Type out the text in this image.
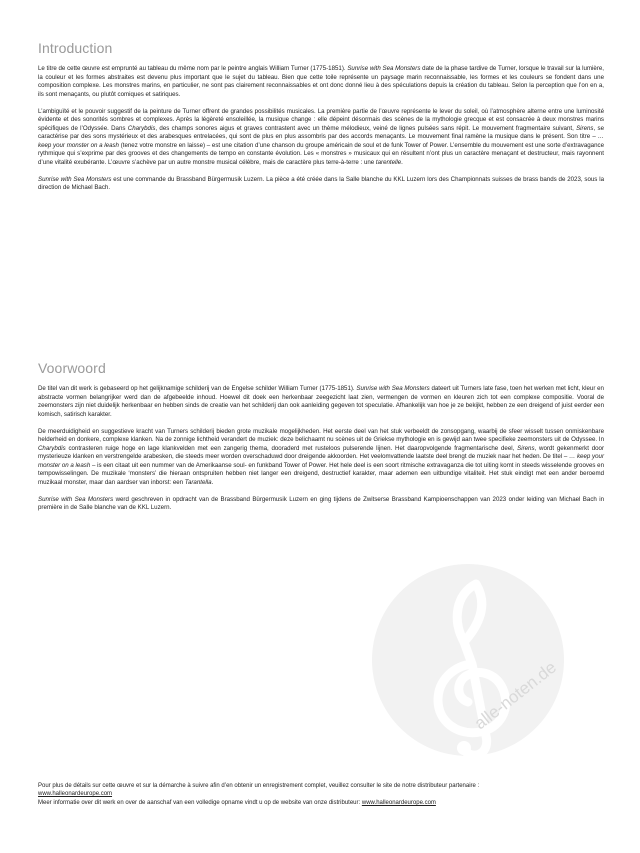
Introduction

Le titre de cette œuvre est emprunté au tableau du même nom par le peintre anglais William Turner (1775-1851). Sunrise with Sea Monsters date de la phase tardive de Turner, lorsque le travail sur la lumière, la couleur et les formes abstraites est devenu plus important que le sujet du tableau. Bien que cette toile représente un paysage marin reconnaissable, les formes et les couleurs se fondent dans une composition complexe. Les monstres marins, en particulier, ne sont pas clairement reconnaissables et ont donc donné lieu à des spéculations depuis la création du tableau. Selon la perception que l’on en a, ils sont menaçants, ou plutôt comiques et satiriques.

L’ambiguïté et le pouvoir suggestif de la peinture de Turner offrent de grandes possibilités musicales. La première partie de l’œuvre représente le lever du soleil, où l’atmosphère alterne entre une luminosité évidente et des sonorités sombres et complexes. Après la légèreté ensoleillée, la musique change : elle dépeint désormais des scènes de la mythologie grecque et est consacrée à deux monstres marins spécifiques de l’Odyssée. Dans Charybdis, des champs sonores aigus et graves contrastent avec un thème mélodieux, veiné de lignes pulsées sans répit. Le mouvement fragmentaire suivant, Sirens, se caractérise par des sons mystérieux et des arabesques entrelacées, qui sont de plus en plus assombris par des accords menaçants. Le mouvement final ramène la musique dans le présent. Son titre – … keep your monster on a leash (tenez votre monstre en laisse) – est une citation d’une chanson du groupe américain de soul et de funk Tower of Power. L’ensemble du mouvement est une sorte d’extravagance rythmique qui s’exprime par des grooves et des changements de tempo en constante évolution. Les « monstres » musicaux qui en résultent n’ont plus un caractère menaçant et destructeur, mais rayonnent d’une vitalité exubérante. L’œuvre s’achève par un autre monstre musical célèbre, mais de caractère plus terre-à-terre : une tarentelle.

Sunrise with Sea Monsters est une commande du Brassband Bürgermusik Luzern. La pièce a été créée dans la Salle blanche du KKL Luzern lors des Championnats suisses de brass bands de 2023, sous la direction de Michael Bach.

Voorwoord

De titel van dit werk is gebaseerd op het gelijknamige schilderij van de Engelse schilder William Turner (1775-1851). Sunrise with Sea Monsters dateert uit Turners late fase, toen het werken met licht, kleur en abstracte vormen belangrijker werd dan de afgebeelde inhoud. Hoewel dit doek een herkenbaar zeegezicht laat zien, vermengen de vormen en kleuren zich tot een complexe compositie. Vooral de zeemonsters zijn niet duidelijk herkenbaar en hebben sinds de creatie van het schilderij dan ook aanleiding gegeven tot speculatie. Afhankelijk van hoe je ze bekijkt, hebben ze een dreigend of juist eerder een komisch, satirisch karakter.

De meerduidigheid en suggestieve kracht van Turners schilderij bieden grote muzikale mogelijkheden. Het eerste deel van het stuk verbeeldt de zonsopgang, waarbij de sfeer wisselt tussen onmiskenbare helderheid en donkere, complexe klanken. Na de zonnige lichtheid verandert de muziek: deze belichaamt nu scènes uit de Griekse mythologie en is gewijd aan twee specifieke zeemonsters uit de Odyssee. In Charybdis contrasteren ruige hoge en lage klankvelden met een zangerig thema, dooraderd met rusteloos pulserende lijnen. Het daaropvolgende fragmentarische deel, Sirens, wordt gekenmerkt door mysterieuze klanken en verstrengelde arabesken, die steeds meer worden overschaduwd door dreigende akkoorden. Het veelomvattende laatste deel brengt de muziek naar het heden. De titel – … keep your monster on a leash – is een citaat uit een nummer van de Amerikaanse soul- en funkband Tower of Power. Het hele deel is een soort ritmische extravaganza die tot uiting komt in steeds wisselende grooves en tempowisselingen. De muzikale ‘monsters’ die hieraan ontspruiten hebben niet langer een dreigend, destructief karakter, maar ademen een uitbundige vitaliteit. Het stuk eindigt met een ander beroemd muzikaal monster, maar dan aardser van inborst: een Tarantella.

Sunrise with Sea Monsters werd geschreven in opdracht van de Brassband Bürgermusik Luzern en ging tijdens de Zwitserse Brassband Kampioenschappen van 2023 onder leiding van Michael Bach in première in de Salle blanche van de KKL Luzern.

alle-noten.de
Pour plus de détails sur cette œuvre et sur la démarche à suivre afin d’en obtenir un enregistrement complet, veuillez consulter le site de notre distributeur partenaire :
www.halleonardeurope.com
Meer informatie over dit werk en over de aanschaf van een volledige opname vindt u op de website van onze distributeur: www.halleonardeurope.com
